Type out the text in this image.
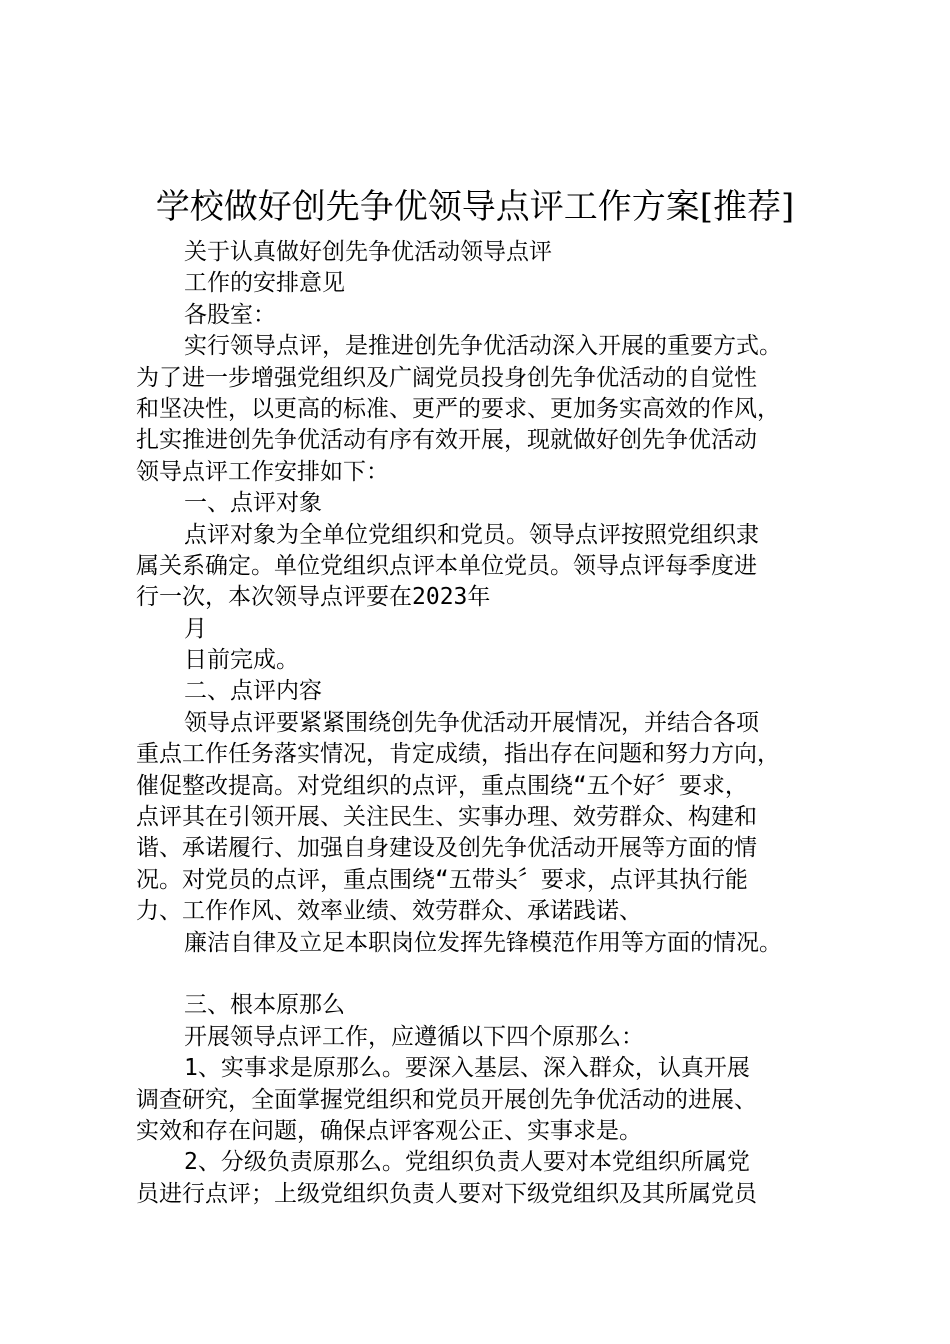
学校做好创先争优领导点评工作方案[推荐]
关于认真做好创先争优活动领导点评
工作的安排意见
各股室：
实行领导点评，是推进创先争优活动深入开展的重要方式。
为了进一步增强党组织及广阔党员投身创先争优活动的自觉性
和坚决性，以更高的标准、更严的要求、更加务实高效的作风，
扎实推进创先争优活动有序有效开展，现就做好创先争优活动
领导点评工作安排如下：
一、点评对象
点评对象为全单位党组织和党员。领导点评按照党组织隶
属关系确定。单位党组织点评本单位党员。领导点评每季度进
行一次，本次领导点评要在2023年
月
日前完成。
二、点评内容
领导点评要紧紧围绕创先争优活动开展情况，并结合各项
重点工作任务落实情况，肯定成绩，指出存在问题和努力方向，
催促整改提高。对党组织的点评，重点围绕“五个好〞要求，
点评其在引领开展、关注民生、实事办理、效劳群众、构建和
谐、承诺履行、加强自身建设及创先争优活动开展等方面的情
况。对党员的点评，重点围绕“五带头〞要求，点评其执行能
力、工作作风、效率业绩、效劳群众、承诺践诺、
廉洁自律及立足本职岗位发挥先锋模范作用等方面的情况。
三、根本原那么
开展领导点评工作，应遵循以下四个原那么：
1、实事求是原那么。要深入基层、深入群众，认真开展
调查研究，全面掌握党组织和党员开展创先争优活动的进展、
实效和存在问题，确保点评客观公正、实事求是。
2、分级负责原那么。党组织负责人要对本党组织所属党
员进行点评；上级党组织负责人要对下级党组织及其所属党员
